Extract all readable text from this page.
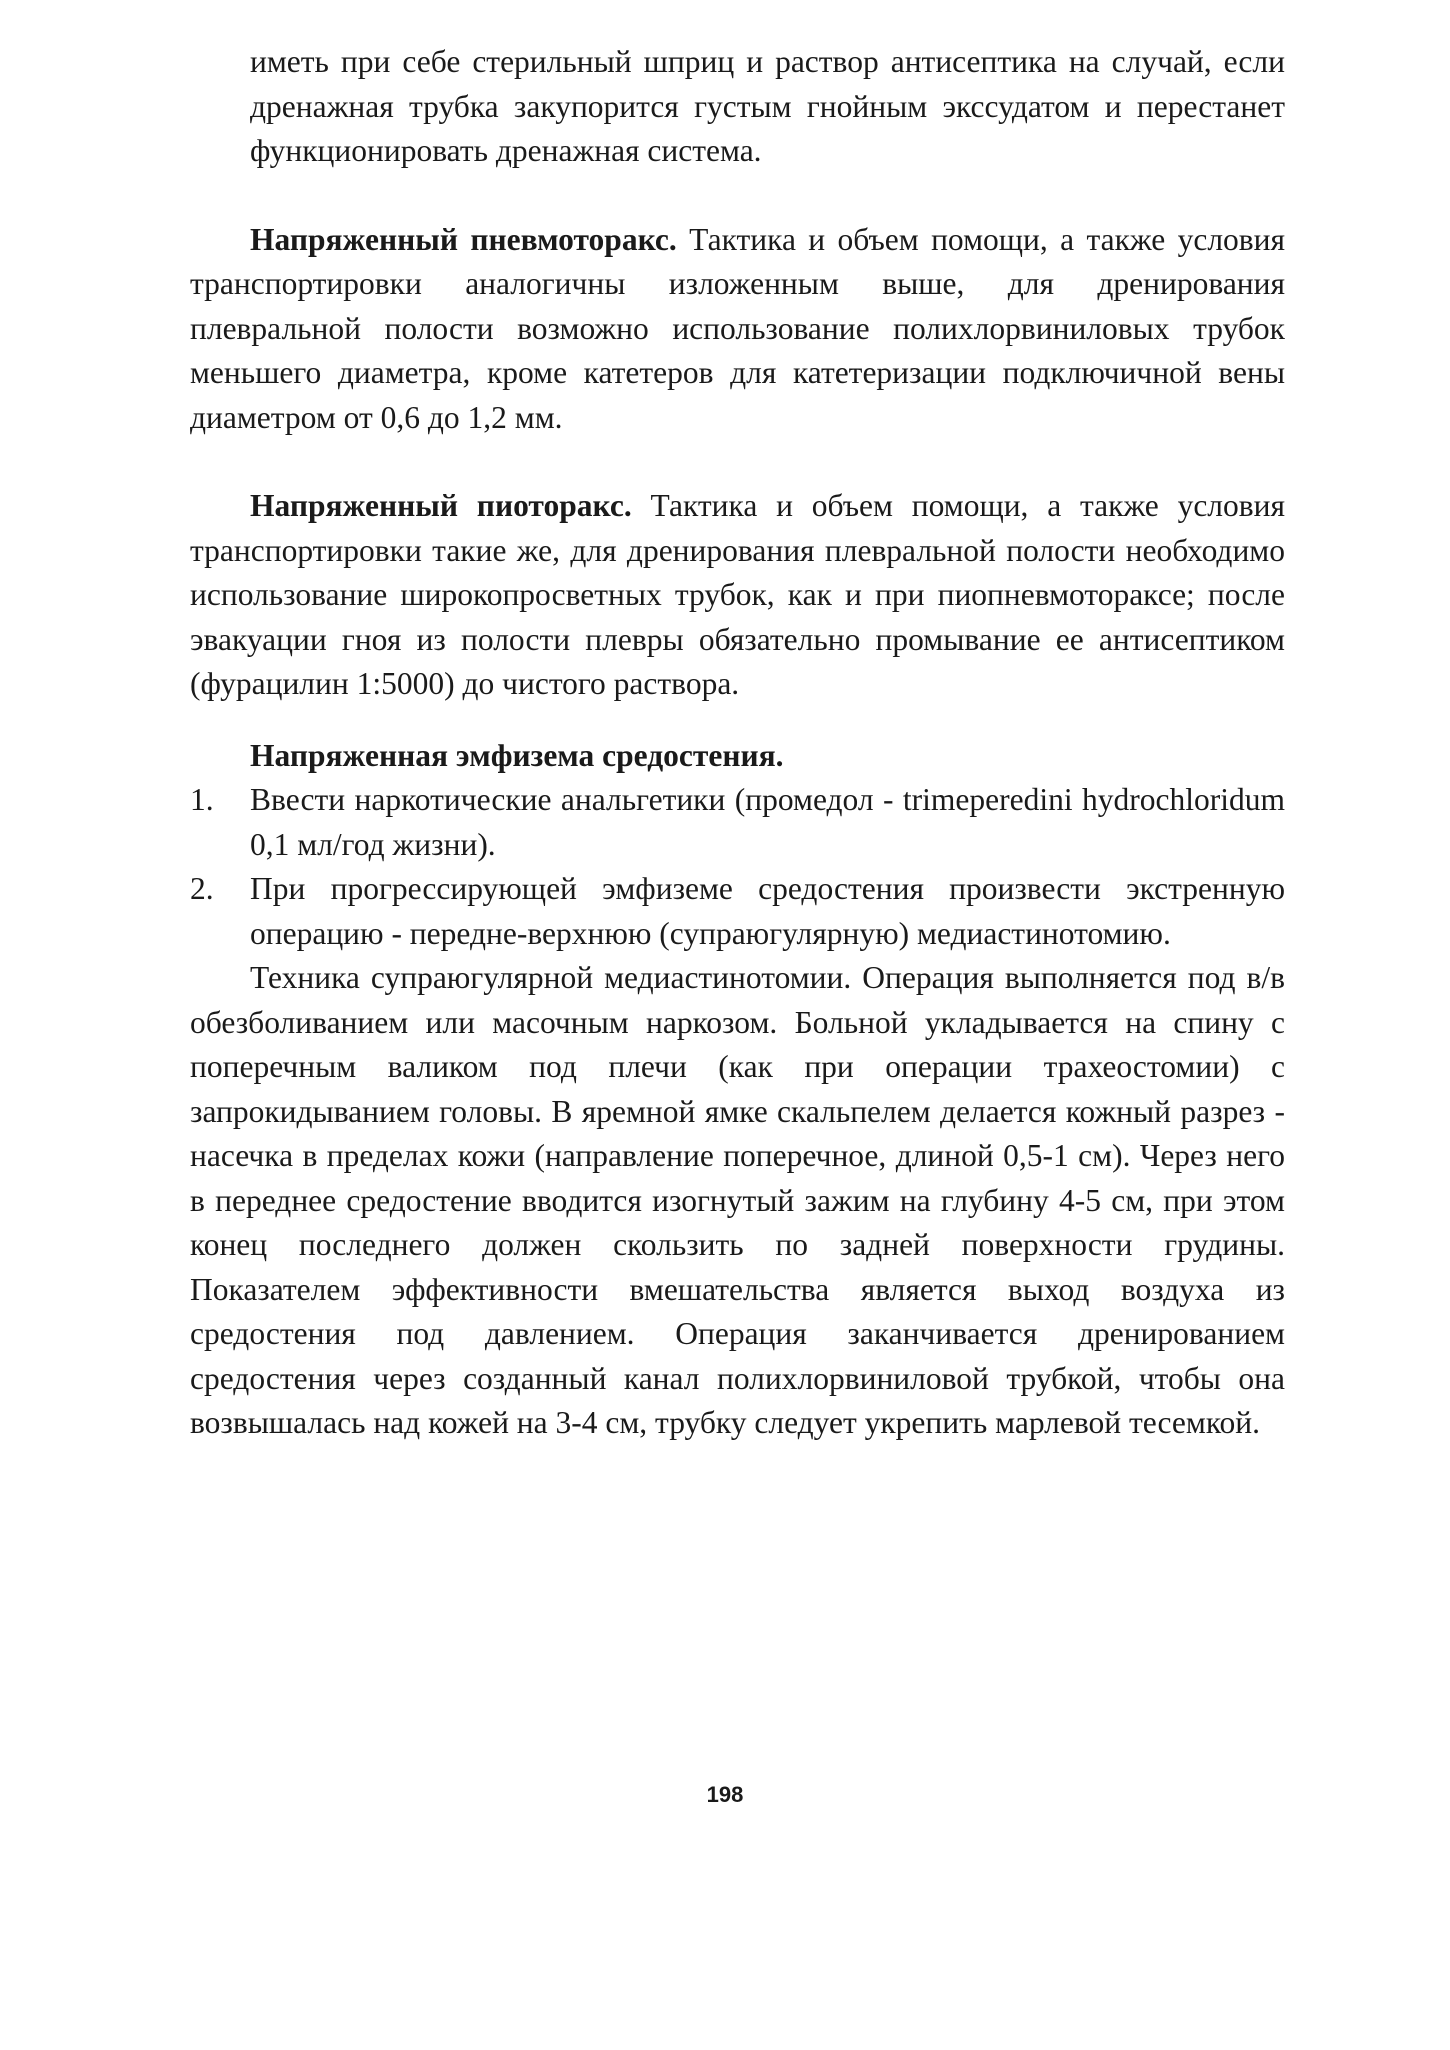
иметь при себе стерильный шприц и раствор антисептика на случай, если дренажная трубка закупорится густым гнойным экссудатом и перестанет функционировать дренажная система.

Напряженный пневмоторакс. Тактика и объем помощи, а также условия транспортировки аналогичны изложенным выше, для дренирования плевральной полости возможно использование полихлорвиниловых трубок меньшего диаметра, кроме катетеров для катетеризации подключичной вены диаметром от 0,6 до 1,2 мм.

Напряженный пиоторакс. Тактика и объем помощи, а также условия транспортировки такие же, для дренирования плевральной полости необходимо использование широкопросветных трубок, как и при пиопневмотораксе; после эвакуации гноя из полости плевры обязательно промывание ее антисептиком (фурацилин 1:5000) до чистого раствора.

Напряженная эмфизема средостения.

1. Ввести наркотические анальгетики (промедол - trimeperedini hydrochloridum 0,1 мл/год жизни).
2. При прогрессирующей эмфиземе средостения произвести экстренную операцию - передне-верхнюю (супраюгулярную) медиастинотомию.

Техника супраюгулярной медиастинотомии. Операция выполняется под в/в обезболиванием или масочным наркозом. Больной укладывается на спину с поперечным валиком под плечи (как при операции трахеостомии) с запрокидыванием головы. В яремной ямке скальпелем делается кожный разрез - насечка в пределах кожи (направление поперечное, длиной 0,5-1 см). Через него в переднее средостение вводится изогнутый зажим на глубину 4-5 см, при этом конец последнего должен скользить по задней поверхности грудины. Показателем эффективности вмешательства является выход воздуха из средостения под давлением. Операция заканчивается дренированием средостения через созданный канал полихлорвиниловой трубкой, чтобы она возвышалась над кожей на 3-4 см, трубку следует укрепить марлевой тесемкой.

198
